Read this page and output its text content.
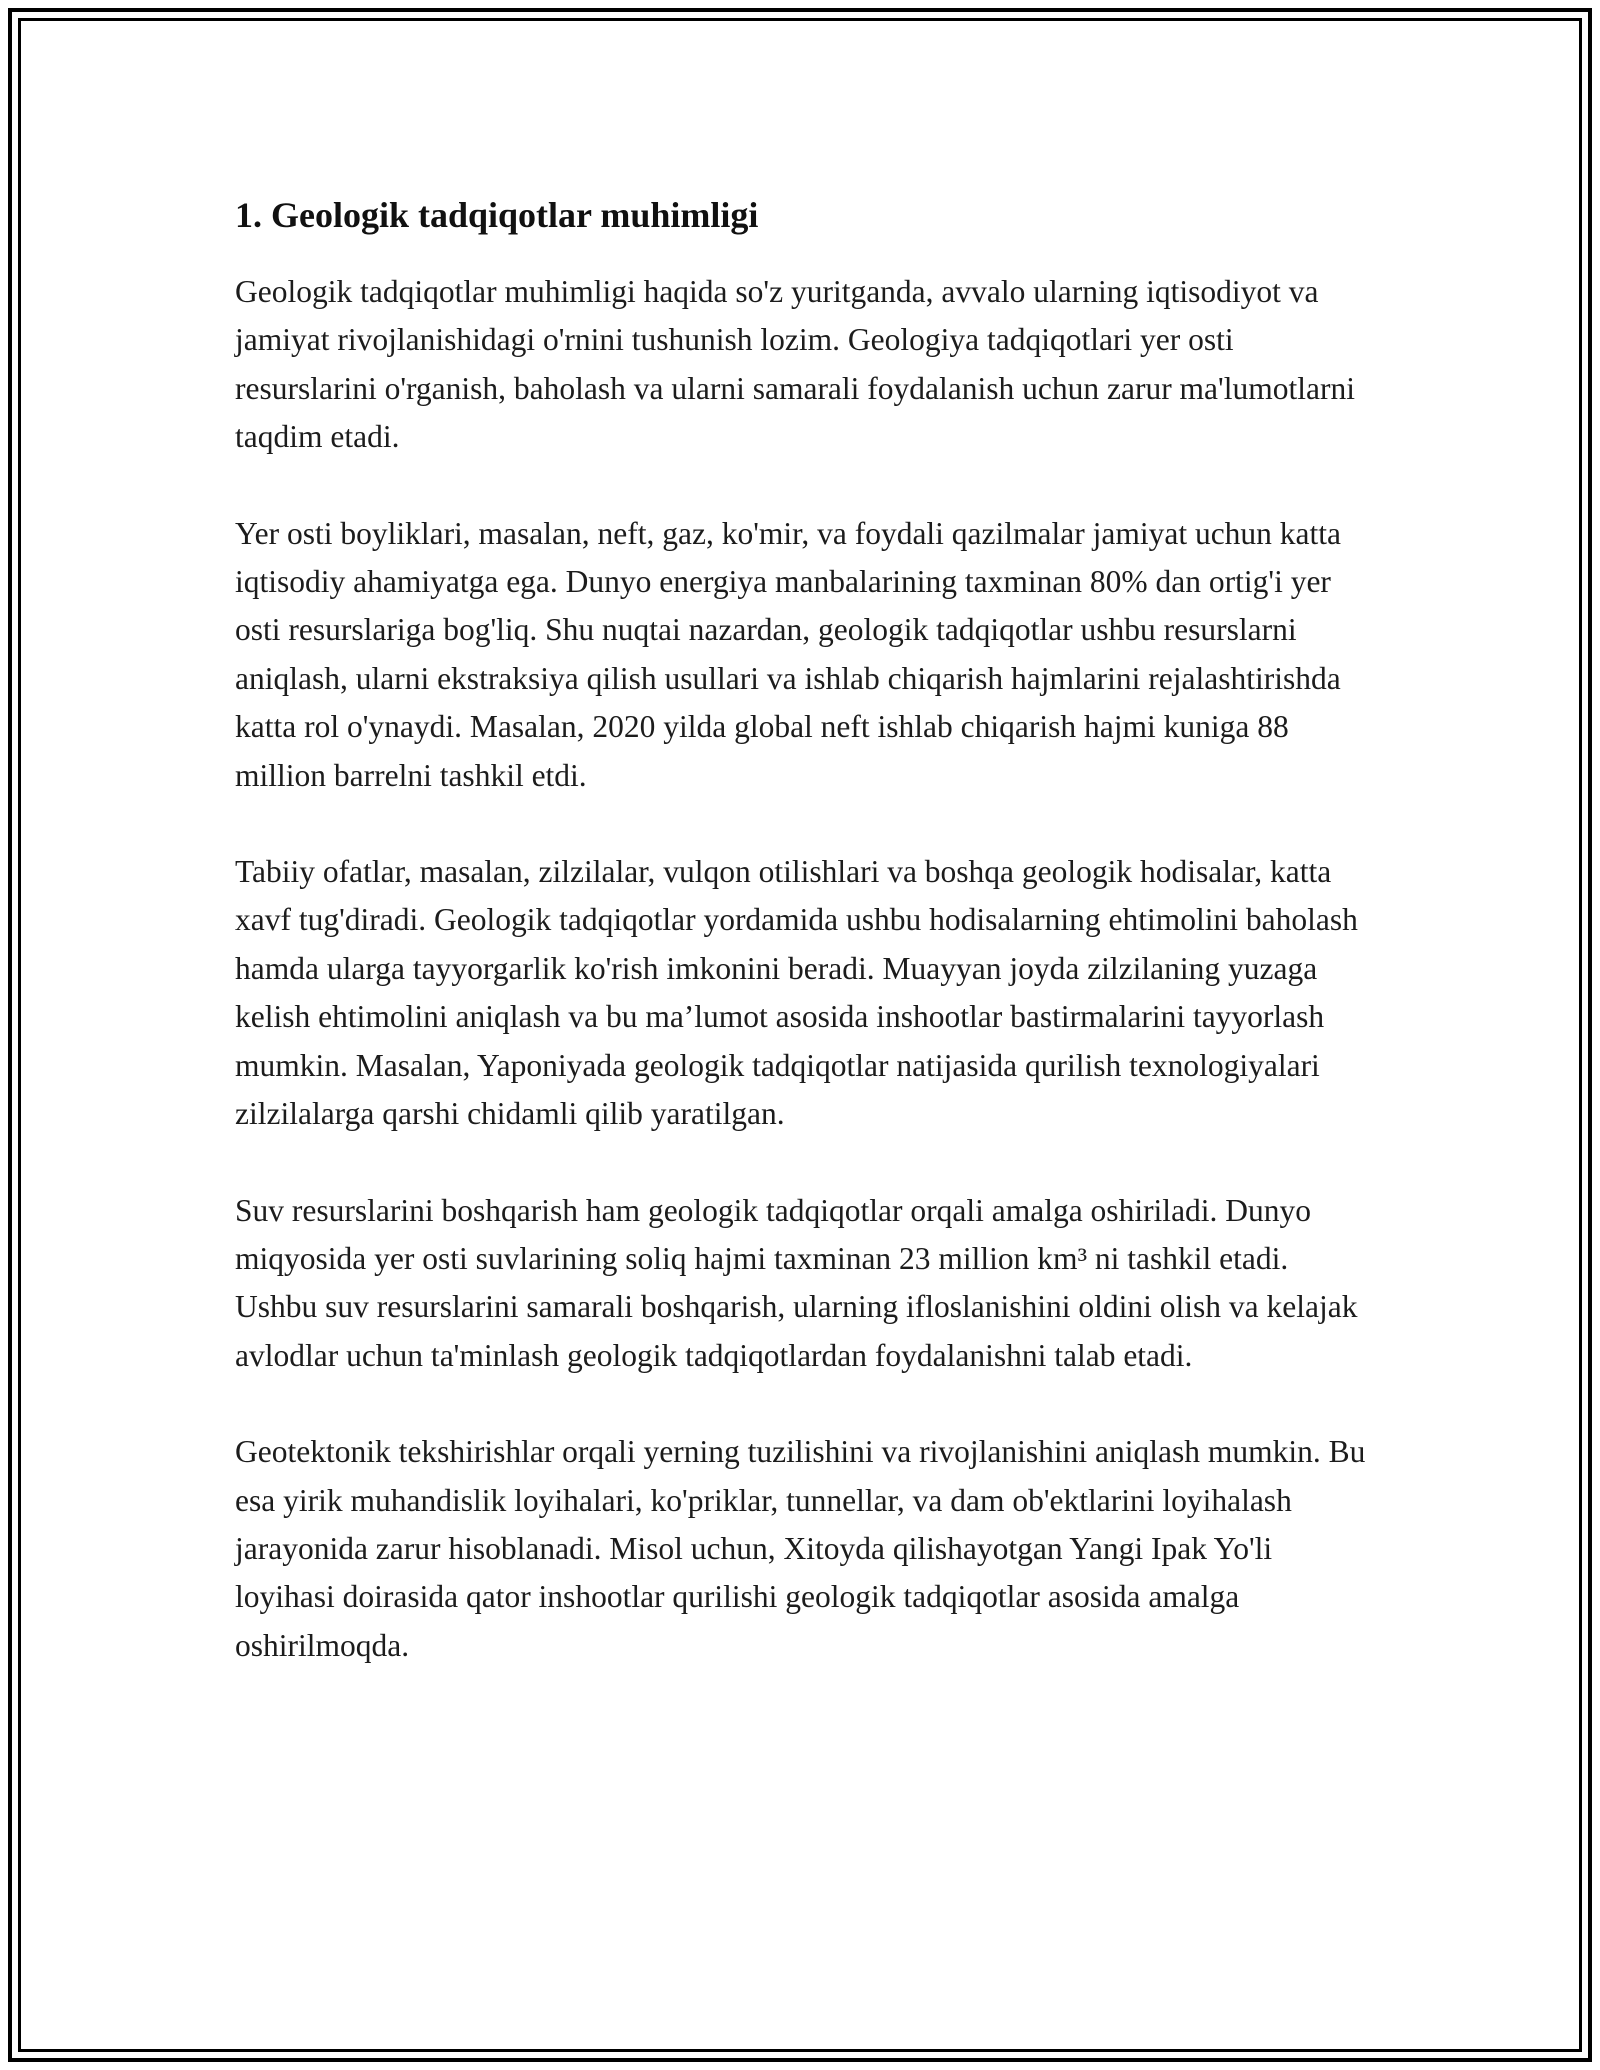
1. Geologik tadqiqotlar muhimligi

Geologik tadqiqotlar muhimligi haqida so'z yuritganda, avvalo ularning iqtisodiyot va jamiyat rivojlanishidagi o'rnini tushunish lozim. Geologiya tadqiqotlari yer osti resurslarini o'rganish, baholash va ularni samarali foydalanish uchun zarur ma'lumotlarni taqdim etadi.

Yer osti boyliklari, masalan, neft, gaz, ko'mir, va foydali qazilmalar jamiyat uchun katta iqtisodiy ahamiyatga ega. Dunyo energiya manbalarining taxminan 80% dan ortig'i yer osti resurslariga bog'liq. Shu nuqtai nazardan, geologik tadqiqotlar ushbu resurslarni aniqlash, ularni ekstraksiya qilish usullari va ishlab chiqarish hajmlarini rejalashtirishda katta rol o'ynaydi. Masalan, 2020 yilda global neft ishlab chiqarish hajmi kuniga 88 million barrelni tashkil etdi.

Tabiiy ofatlar, masalan, zilzilalar, vulqon otilishlari va boshqa geologik hodisalar, katta xavf tug'diradi. Geologik tadqiqotlar yordamida ushbu hodisalarning ehtimolini baholash hamda ularga tayyorgarlik ko'rish imkonini beradi. Muayyan joyda zilzilaning yuzaga kelish ehtimolini aniqlash va bu ma’lumot asosida inshootlar bastirmalarini tayyorlash mumkin. Masalan, Yaponiyada geologik tadqiqotlar natijasida qurilish texnologiyalari zilzilalarga qarshi chidamli qilib yaratilgan.

Suv resurslarini boshqarish ham geologik tadqiqotlar orqali amalga oshiriladi. Dunyo miqyosida yer osti suvlarining soliq hajmi taxminan 23 million km³ ni tashkil etadi. Ushbu suv resurslarini samarali boshqarish, ularning ifloslanishini oldini olish va kelajak avlodlar uchun ta'minlash geologik tadqiqotlardan foydalanishni talab etadi.

Geotektonik tekshirishlar orqali yerning tuzilishini va rivojlanishini aniqlash mumkin. Bu esa yirik muhandislik loyihalari, ko'priklar, tunnellar, va dam ob'ektlarini loyihalash jarayonida zarur hisoblanadi. Misol uchun, Xitoyda qilishayotgan Yangi Ipak Yo'li loyihasi doirasida qator inshootlar qurilishi geologik tadqiqotlar asosida amalga oshirilmoqda.
